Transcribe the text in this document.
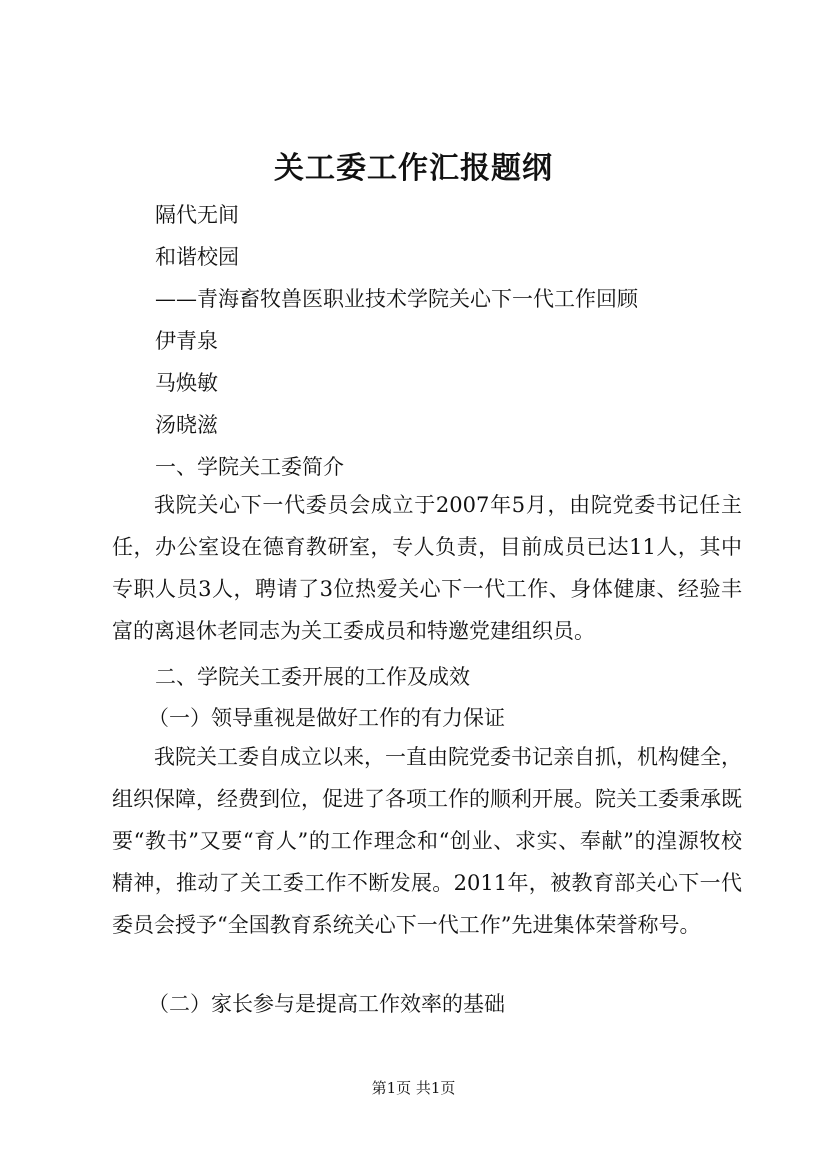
关工委工作汇报题纲
隔代无间
和谐校园
——青海畜牧兽医职业技术学院关心下一代工作回顾
伊青泉
马焕敏
汤晓滋
一、学院关工委简介

我院关心下一代委员会成立于2007年5月，由院党委书记任主任，办公室设在德育教研室，专人负责，目前成员已达11人，其中专职人员3人，聘请了3位热爱关心下一代工作、身体健康、经验丰富的离退休老同志为关工委成员和特邀党建组织员。

二、学院关工委开展的工作及成效
（一）领导重视是做好工作的有力保证

我院关工委自成立以来，一直由院党委书记亲自抓，机构健全，组织保障，经费到位，促进了各项工作的顺利开展。院关工委秉承既要“教书”又要“育人”的工作理念和“创业、求实、奉献”的湟源牧校精神，推动了关工委工作不断发展。2011年，被教育部关心下一代委员会授予“全国教育系统关心下一代工作”先进集体荣誉称号。

（二）家长参与是提高工作效率的基础
第1页 共1页
